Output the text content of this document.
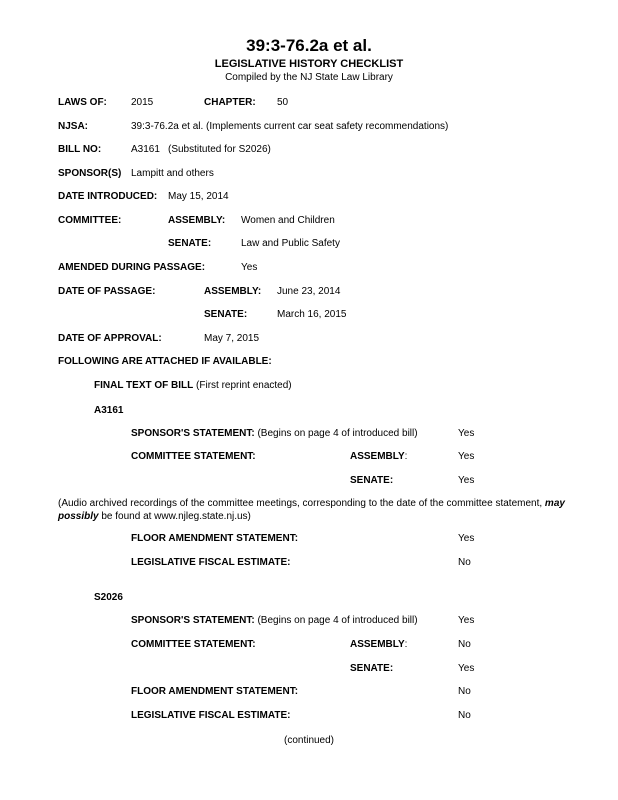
39:3-76.2a et al.
LEGISLATIVE HISTORY CHECKLIST
Compiled by the NJ State Law Library
LAWS OF: 2015	CHAPTER: 50
NJSA:	39:3-76.2a et al. (Implements current car seat safety recommendations)
BILL NO:	A3161 (Substituted for S2026)
SPONSOR(S) Lampitt and others
DATE INTRODUCED: May 15, 2014
COMMITTEE:	ASSEMBLY: Women and Children
SENATE:	Law and Public Safety
AMENDED DURING PASSAGE:	Yes
DATE OF PASSAGE:	ASSEMBLY: June 23, 2014
SENATE:	March 16, 2015
DATE OF APPROVAL:	May 7, 2015
FOLLOWING ARE ATTACHED IF AVAILABLE:
FINAL TEXT OF BILL (First reprint enacted)
A3161
SPONSOR'S STATEMENT: (Begins on page 4 of introduced bill)	Yes
COMMITTEE STATEMENT:	ASSEMBLY:	Yes
SENATE:	Yes
(Audio archived recordings of the committee meetings, corresponding to the date of the committee statement, may possibly be found at www.njleg.state.nj.us)
FLOOR AMENDMENT STATEMENT:	Yes
LEGISLATIVE FISCAL ESTIMATE:	No
S2026
SPONSOR'S STATEMENT: (Begins on page 4 of introduced bill)	Yes
COMMITTEE STATEMENT:	ASSEMBLY:	No
SENATE:	Yes
FLOOR AMENDMENT STATEMENT:	No
LEGISLATIVE FISCAL ESTIMATE:	No
(continued)
